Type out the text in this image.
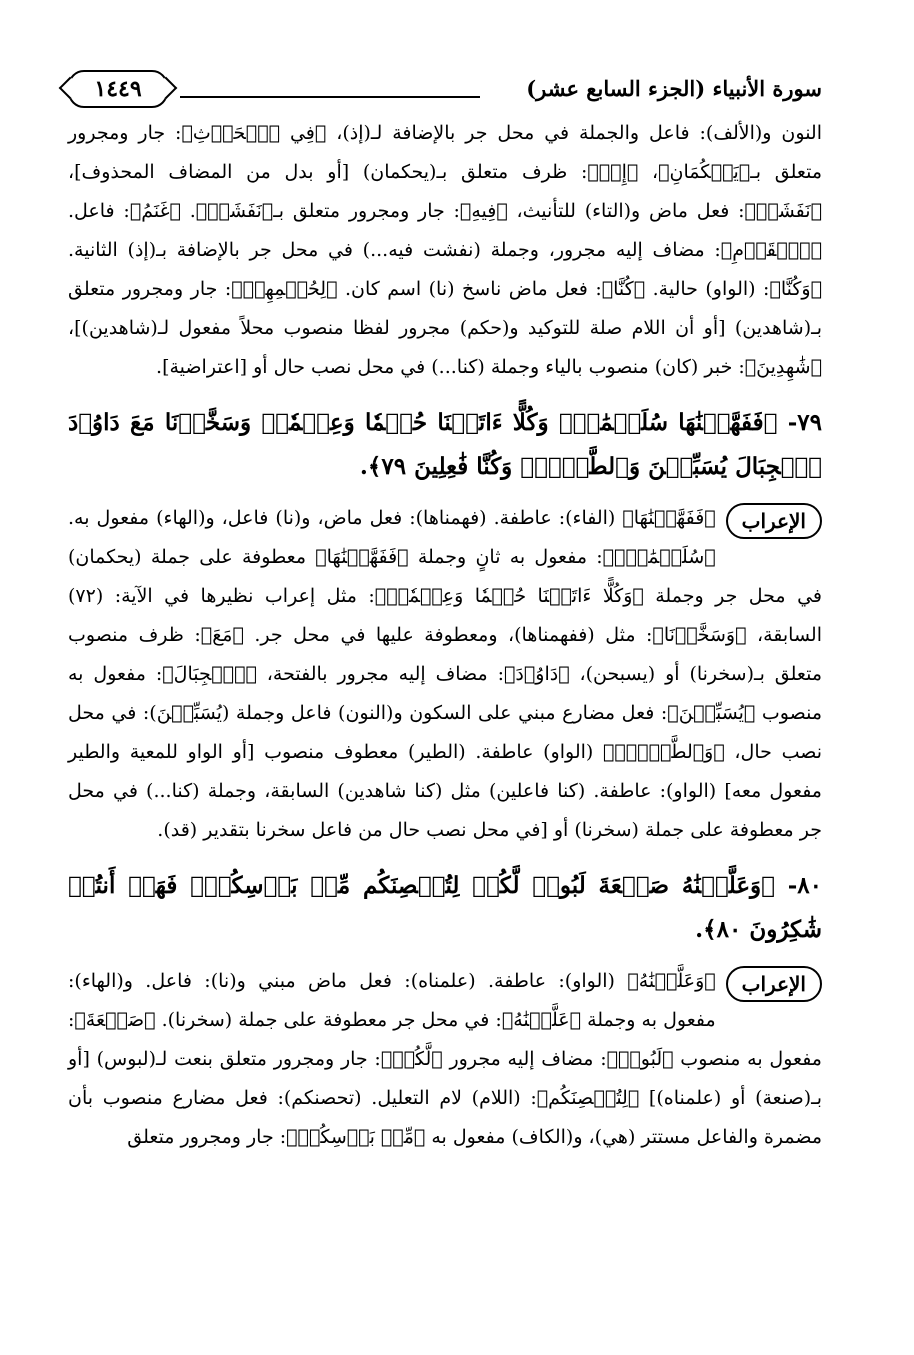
سورة الأنبياء (الجزء السابع عشر)
١٤٤٩

النون و(الألف): فاعل والجملة في محل جر بالإضافة لـ(إذ)، ﴿فِي ٱلۡحَرۡثِ﴾: جار ومجرور متعلق بـ﴿يَحۡكُمَانِ﴾، ﴿إِذۡ﴾: ظرف متعلق بـ(يحكمان) [أو بدل من المضاف المحذوف]، ﴿نَفَشَتۡ﴾: فعل ماض و(التاء) للتأنيث، ﴿فِيهِ﴾: جار ومجرور متعلق بـ﴿نَفَشَتۡ﴾. ﴿غَنَمُ﴾: فاعل. ﴿ٱلۡقَوۡمِ﴾: مضاف إليه مجرور، وجملة (نفشت فيه...) في محل جر بالإضافة بـ(إذ) الثانية. ﴿وَكُنَّا﴾: (الواو) حالية. ﴿كُنَّا﴾: فعل ماض ناسخ (نا) اسم كان. ﴿لِحُكۡمِهِمۡ﴾: جار ومجرور متعلق بـ(شاهدين) [أو أن اللام صلة للتوكيد و(حكم) مجرور لفظا منصوب محلاً مفعول لـ(شاهدين)]، ﴿شَٰهِدِينَ﴾: خبر (كان) منصوب بالياء وجملة (كنا...) في محل نصب حال أو [اعتراضية].

٧٩- ﴿فَفَهَّمۡنَٰهَا سُلَيۡمَٰنَۚ وَكُلًّا ءَاتَيۡنَا حُكۡمٗا وَعِلۡمٗاۚ وَسَخَّرۡنَا مَعَ دَاوُۥدَ ٱلۡجِبَالَ يُسَبِّحۡنَ وَٱلطَّيۡرَۚ وَكُنَّا فَٰعِلِينَ ٧٩﴾.

الإعراب

﴿فَفَهَّمۡنَٰهَا﴾ (الفاء): عاطفة. (فهمناها): فعل ماض، و(نا) فاعل، و(الهاء) مفعول به. ﴿سُلَيۡمَٰنَۚ﴾: مفعول به ثانٍ وجملة ﴿فَفَهَّمۡنَٰهَا﴾ معطوفة على جملة (يحكمان) في محل جر وجملة ﴿وَكُلًّا ءَاتَيۡنَا حُكۡمٗا وَعِلۡمٗاۚ﴾: مثل إعراب نظيرها في الآية: (٧٢) السابقة، ﴿وَسَخَّرۡنَا﴾: مثل (ففهمناها)، ومعطوفة عليها في محل جر. ﴿مَعَ﴾: ظرف منصوب متعلق بـ(سخرنا) أو (يسبحن)، ﴿دَاوُۥدَ﴾: مضاف إليه مجرور بالفتحة، ﴿ٱلۡجِبَالَ﴾: مفعول به منصوب ﴿يُسَبِّحۡنَ﴾: فعل مضارع مبني على السكون و(النون) فاعل وجملة (يُسَبِّحۡنَ): في محل نصب حال، ﴿وَٱلطَّيۡرَۚ﴾ (الواو) عاطفة. (الطير) معطوف منصوب [أو الواو للمعية والطير مفعول معه] (الواو): عاطفة. (كنا فاعلين) مثل (كنا شاهدين) السابقة، وجملة (كنا...) في محل جر معطوفة على جملة (سخرنا) أو [في محل نصب حال من فاعل سخرنا بتقدير (قد).

٨٠- ﴿وَعَلَّمۡنَٰهُ صَنۡعَةَ لَبُوسٖ لَّكُمۡ لِتُحۡصِنَكُم مِّنۢ بَأۡسِكُمۡۖ فَهَلۡ أَنتُمۡ شَٰكِرُونَ ٨٠﴾.

الإعراب

﴿وَعَلَّمۡنَٰهُ﴾ (الواو): عاطفة. (علمناه): فعل ماض مبني و(نا): فاعل. و(الهاء): مفعول به وجملة ﴿عَلَّمۡنَٰهُ﴾: في محل جر معطوفة على جملة (سخرنا). ﴿صَنۡعَةَ﴾: مفعول به منصوب ﴿لَبُوسٖ﴾: مضاف إليه مجرور ﴿لَّكُمۡ﴾: جار ومجرور متعلق بنعت لـ(لبوس) [أو بـ(صنعة) أو (علمناه)] ﴿لِتُحۡصِنَكُم﴾: (اللام) لام التعليل. (تحصنكم): فعل مضارع منصوب بأن مضمرة والفاعل مستتر (هي)، و(الكاف) مفعول به ﴿مِّنۢ بَأۡسِكُمۡ﴾: جار ومجرور متعلق
